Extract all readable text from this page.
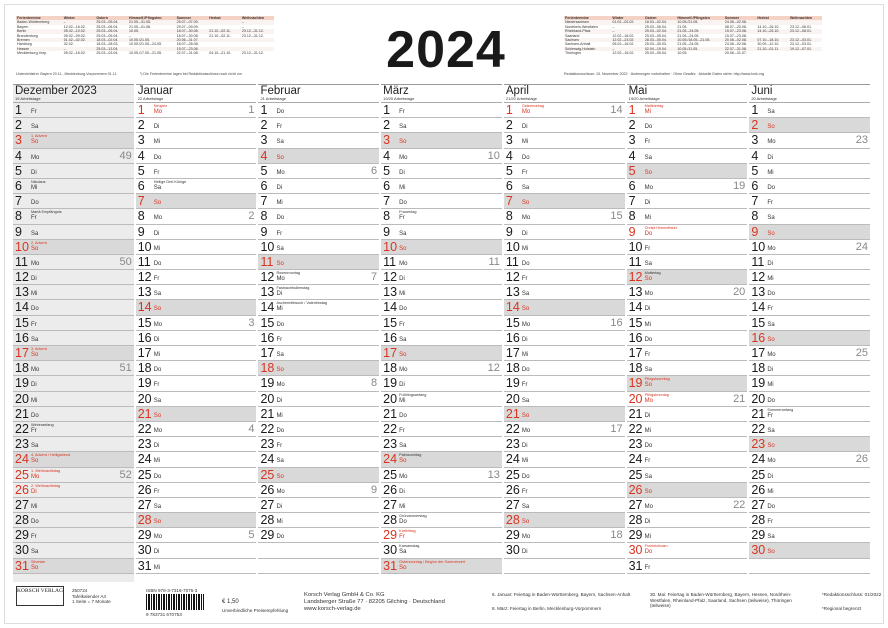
Ferientermine	Winter	Ostern	Himmelf./Pfingsten	Sommer	Herbst	Weihnachten
Baden-Württemberg	–	25.03.–05.04.	21.05.–31.05.	25.07.–07.09.		–
Bayern	12.02.–16.02.	25.03.–06.04.	21.05.–01.06.	29.07.–09.09.		–
Berlin	05.02.–10.02.	25.03.–05.04.	10.05.	18.07.–30.08.	21.10.–02.11.	23.12.–31.12.
Brandenburg	05.02.–09.02.	25.03.–05.04.	–	18.07.–30.08.	21.10.–02.11.	23.12.–31.12.
Bremen	01.02.–02.02.	18.03.–02.04.	10.05./21.05.	20.06.–31.07.		
Hamburg	02.02.	18.03.–28.03.	10.05./21.05.–24.05.	18.07.–28.08.		
Hessen	–	25.03.–13.04.		15.07.–23.08.		
Mecklenburg-Vorp.	05.02.–16.02.	25.03.–03.04.	10.05./17.05.–21.05.	22.07.–31.08.	04.10.–21.10.	23.12.–31.12.
Unterrichtsfrei: Bayern 20.11., Mecklenburg-Vorpommern 01.11.	¹) Die Ferientermine lagen bei Redaktionsschluss noch nicht vor.
Ferientermine	Winter	Ostern	Himmelf./Pfingsten	Sommer	Herbst	Weihnachten
Niedersachsen	01.02.–02.02.	18.03.–02.04.	10.05./21.05.	24.06.–02.08.		
Nordrhein-Westfalen	–	25.03.–06.04.	21.05.	08.07.–20.08.	14.10.–26.10.	23.12.–06.01.
Rheinland-Pfalz	–	25.03.–02.04.	21.05.–24.05.	15.07.–23.08.	14.10.–25.10.	23.12.–08.01.
Saarland	12.02.–16.02.	25.03.–05.04.	21.05.–24.05.	15.07.–23.08.		
Sachsen	12.02.–23.02.	28.03.–05.04.	10.05./18.05.–21.05.	20.06.–02.08.	07.10.–18.10.	23.12.–03.01.
Sachsen-Anhalt	05.02.–16.02.	25.03.–30.03.	21.05.–24.05.	24.06.–02.08.	30.09.–12.10.	23.12.–03.01.
Schleswig-Holstein	–	02.04.–19.04.	10.05./11.05.	22.07.–31.08.	21.10.–01.11.	19.12.–07.01.
Thüringen	12.02.–16.02.	25.03.–05.04.	10.05.	20.06.–31.07.		
Redaktionsschluss: 15. November 2022 · Änderungen vorbehalten · Ohne Gewähr · Aktuelle Daten siehe: http://www.kmk.org
2024
Dezember 2023
19 Arbeitstage
1 Fr
2 Sa
3 So
1. Advent
4 Mo	49
5 Di
6 Mi
Nikolaus
7 Do
8 Fr
Mariä Empfängnis
9 Sa
10 So
2. Advent
11 Mo	50
12 Di
13 Mi
14 Do
15 Fr
16 Sa
17 So
3. Advent
18 Mo	51
19 Di
20 Mi
21 Do
22 Fr
Winteranfang
23 Sa
24 So
4. Advent / Heiligabend
25 Mo
1. Weihnachtstag	52
26 Di
2. Weihnachtstag
27 Mi
28 Do
29 Fr
30 Sa
31 So
Silvester
Januar
22 Arbeitstage
1 Mo
Neujahr	1
2 Di
3 Mi
4 Do
5 Fr
6 Sa
Heilige Drei Könige
7 So
8 Mo	2
9 Di
10 Mi
11 Do
12 Fr
13 Sa
14 So
15 Mo	3
16 Di
17 Mi
18 Do
19 Fr
20 Sa
21 So
22 Mo	4
23 Di
24 Mi
25 Do
26 Fr
27 Sa
28 So
29 Mo	5
30 Di
31 Mi
Februar
21 Arbeitstage
1 Do
2 Fr
3 Sa
4 So
5 Mo	6
6 Di
7 Mi
8 Do
9 Fr
10 Sa
11 So
12 Mo
Rosenmontag	7
13 Di
Fastnachtsdienstag
14 Mi
Aschermittwoch / Valentinstag
15 Do
16 Fr
17 Sa
18 So
19 Mo	8
20 Di
21 Mi
22 Do
23 Fr
24 Sa
25 So
26 Mo	9
27 Di
28 Mi
29 Do
März
19/20 Arbeitstage
1 Fr
2 Sa
3 So
4 Mo	10
5 Di
6 Mi
7 Do
8 Fr
Frauentag
9 Sa
10 So
11 Mo	11
12 Di
13 Mi
14 Do
15 Fr
16 Sa
17 So
18 Mo	12
19 Di
20 Mi
Frühlingsanfang
21 Do
22 Fr
23 Sa
24 So
Palmsonntag
25 Mo	13
26 Di
27 Mi
28 Do
Gründonnerstag
29 Fr
Karfreitag
30 Sa
Karsamstag
31 So
Ostersonntag / Beginn der Sommerzeit
April
21/20 Arbeitstage
1 Mo
Ostermontag	14
2 Di
3 Mi
4 Do
5 Fr
6 Sa
7 So
8 Mo	15
9 Di
10 Mi
11 Do
12 Fr
13 Sa
14 So
15 Mo	16
16 Di
17 Mi
18 Do
19 Fr
20 Sa
21 So
22 Mo	17
23 Di
24 Mi
25 Do
26 Fr
27 Sa
28 So
29 Mo	18
30 Di
Mai
19/20 Arbeitstage
1 Mi
Maifeiertag
2 Do
3 Fr
4 Sa
5 So
6 Mo	19
7 Di
8 Mi
9 Do
Christi Himmelfahrt
10 Fr
11 Sa
12 So
Muttertag
13 Mo	20
14 Di
15 Mi
16 Do
17 Fr
18 Sa
19 So
Pfingstsonntag
20 Mo
Pfingstmontag	21
21 Di
22 Mi
23 Do
24 Fr
25 Sa
26 So
27 Mo	22
28 Di
29 Mi
30 Do
Fronleichnam
31 Fr
Juni
20 Arbeitstage
1 Sa
2 So
3 Mo	23
4 Di
5 Mi
6 Do
7 Fr
8 Sa
9 So
10 Mo	24
11 Di
12 Mi
13 Do
14 Fr
15 Sa
16 So
17 Mo	25
18 Di
19 Mi
20 Do
21 Fr
Sommeranfang
22 Sa
23 So
24 Mo	26
25 Di
26 Mi
27 Do
28 Fr
29 Sa
30 So
KORSCH VERLAG 250724
Tafelkalender A4
1 Seite = 7 Monate
ISBN 978-3-7316-7075-3
9 783731 670753
€ 1,50
Unverbindliche Preisempfehlung
Korsch Verlag GmbH & Co. KG
Landsberger Straße 77 · 82205 Gilching · Deutschland
www.korsch-verlag.de
6. Januar: Feiertag in Baden-Württemberg, Bayern, Sachsen-Anhalt
8. März: Feiertag in Berlin, Mecklenburg-Vorpommern
30. Mai: Feiertag in Baden-Württemberg, Bayern, Hessen, Nordrhein-Westfalen, Rheinland-Pfalz, Saarland, Sachsen (teilweise), Thüringen (teilweise)
*Redaktionsschluss: 01/2022
*Regional begrenzt
